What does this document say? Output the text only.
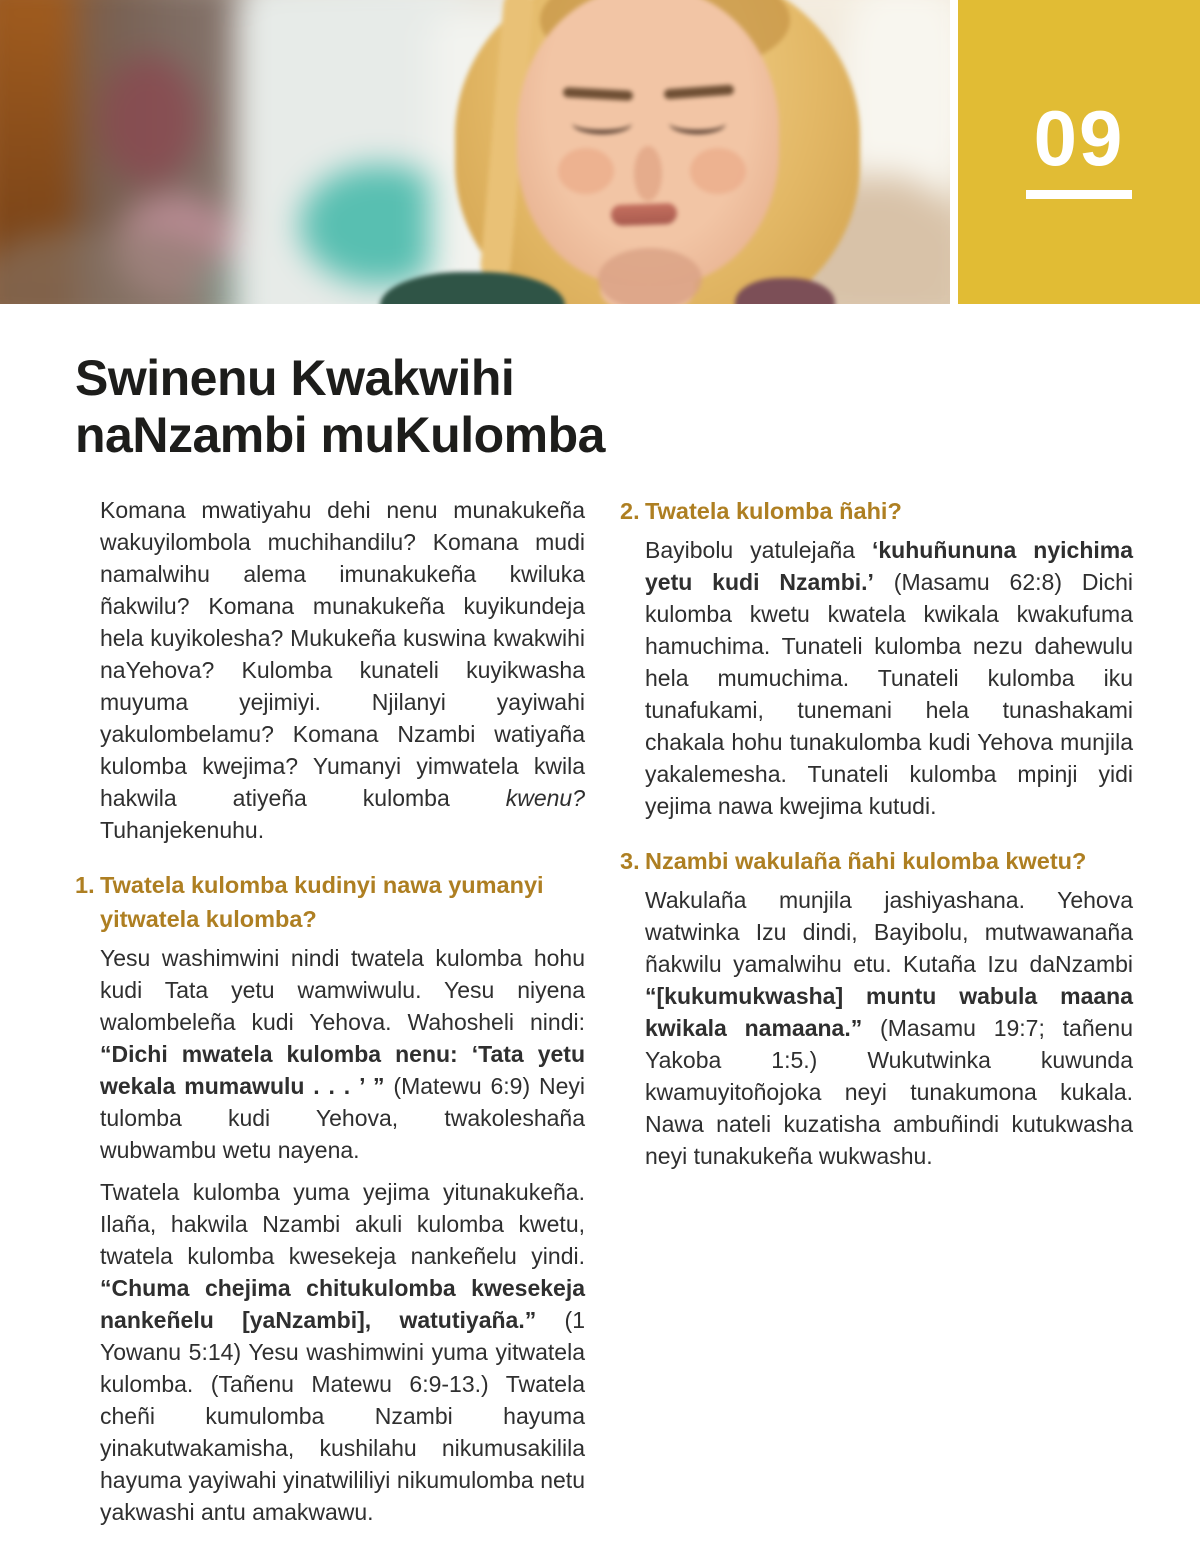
09
Swinenu Kwakwihi
naNzambi muKulomba

Komana mwatiyahu dehi nenu munakukeña wakuyilombola muchihandilu? Komana mudi namalwihu alema imunakukeña kwiluka ñakwilu? Komana munakukeña kuyikundeja hela kuyikolesha? Mukukeña kuswina kwakwihi naYehova? Kulomba kunateli kuyikwasha muyuma yejimiyi. Njilanyi yayiwahi yakulombelamu? Komana Nzambi watiyaña kulomba kwejima? Yumanyi yimwatela kwila hakwila atiyeña kulomba kwenu? Tuhanjekenuhu.

1. Twatela kulomba kudinyi nawa yumanyi yitwatela kulomba?

Yesu washimwini nindi twatela kulomba hohu kudi Tata yetu wamwiwulu. Yesu niyena walombeleña kudi Yehova. Wahosheli nindi: “Dichi mwatela kulomba nenu: ‘Tata yetu wekala mumawulu . . . ’ ” (Matewu 6:9) Neyi tulomba kudi Yehova, twakoleshaña wubwambu wetu nayena.

Twatela kulomba yuma yejima yitunakukeña. Ilaña, hakwila Nzambi akuli kulomba kwetu, twatela kulomba kwesekeja nankeñelu yindi. “Chuma chejima chitukulomba kwesekeja nankeñelu [yaNzambi], watutiyaña.” (1 Yowanu 5:14) Yesu washimwini yuma yitwatela kulomba. (Tañenu Matewu 6:9-13.) Twatela cheñi kumulomba Nzambi hayuma yinakutwakamisha, kushilahu nikumusakilila hayuma yayiwahi yinatwililiyi nikumulomba netu yakwashi antu amakwawu.

2. Twatela kulomba ñahi?

Bayibolu yatulejaña ‘kuhuñununa nyichima yetu kudi Nzambi.’ (Masamu 62:8) Dichi kulomba kwetu kwatela kwikala kwakufuma hamuchima. Tunateli kulomba nezu dahewulu hela mumuchima. Tunateli kulomba iku tunafukami, tunemani hela tunashakami chakala hohu tunakulomba kudi Yehova munjila yakalemesha. Tunateli kulomba mpinji yidi yejima nawa kwejima kutudi.

3. Nzambi wakulaña ñahi kulomba kwetu?

Wakulaña munjila jashiyashana. Yehova watwinka Izu dindi, Bayibolu, mutwawanaña ñakwilu yamalwihu etu. Kutaña Izu daNzambi “[kukumukwasha] muntu wabula maana kwikala namaana.” (Masamu 19:7; tañenu Yakoba 1:5.) Wukutwinka kuwunda kwamuyitoñojoka neyi tunakumona kukala. Nawa nateli kuzatisha ambuñindi kutukwasha neyi tunakukeña wukwashu.
